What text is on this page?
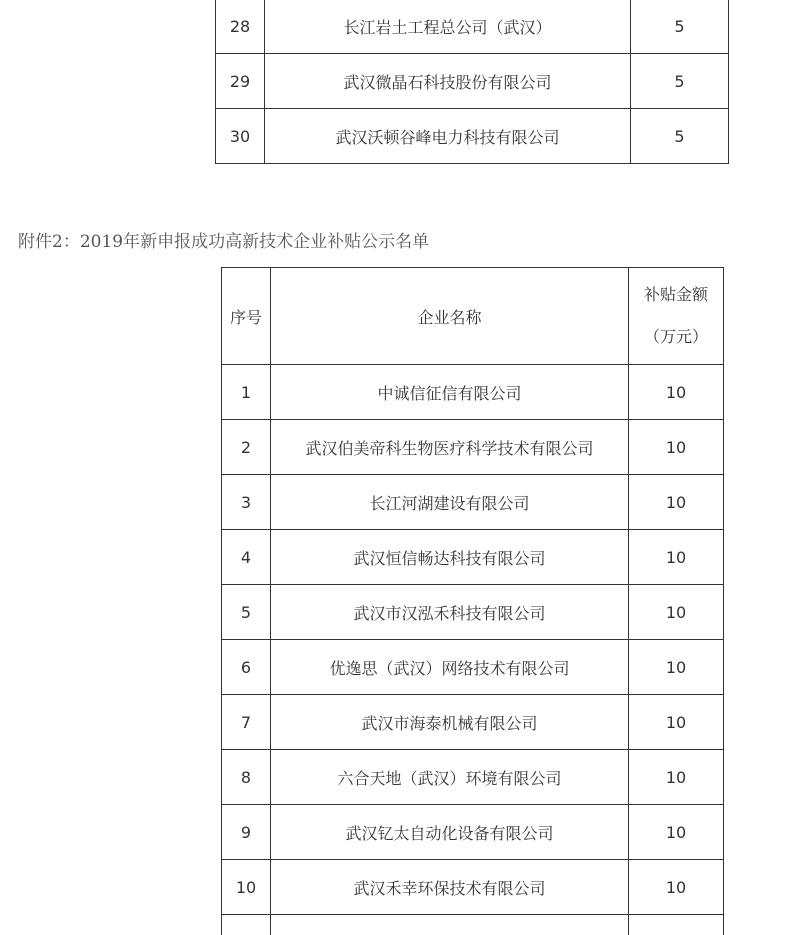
28	长江岩土工程总公司（武汉）	5
29	武汉微晶石科技股份有限公司	5
30	武汉沃顿谷峰电力科技有限公司	5
附件2：2019年新申报成功高新技术企业补贴公示名单
序号	企业名称	补贴金额
（万元）

1	中诚信征信有限公司	10
2	武汉伯美帝科生物医疗科学技术有限公司	10
3	长江河湖建设有限公司	10
4	武汉恒信畅达科技有限公司	10
5	武汉市汉泓禾科技有限公司	10
6	优逸思（武汉）网络技术有限公司	10
7	武汉市海泰机械有限公司	10
8	六合天地（武汉）环境有限公司	10
9	武汉钇太自动化设备有限公司	10
10	武汉禾幸环保技术有限公司	10
